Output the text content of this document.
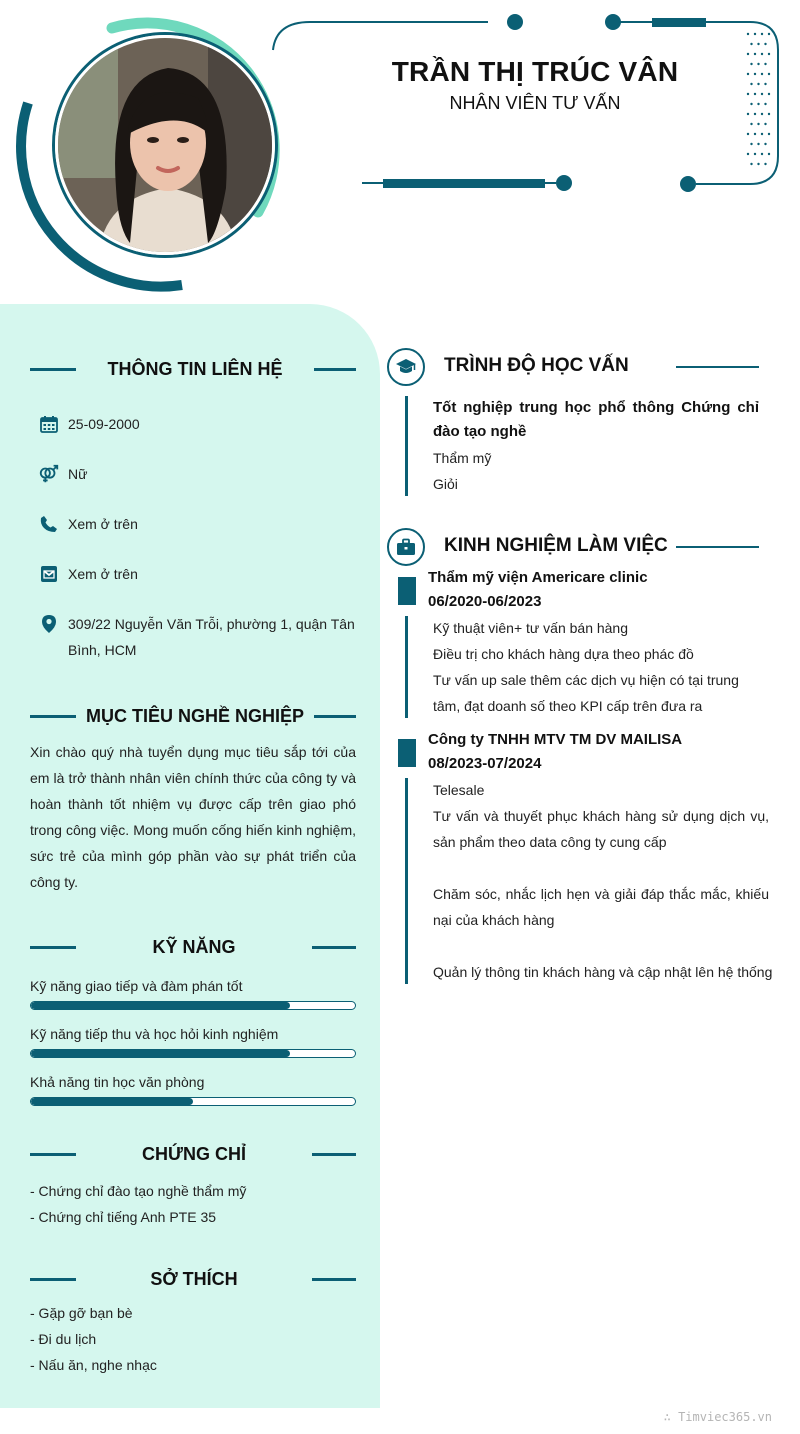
TRẦN THỊ TRÚC VÂN
NHÂN VIÊN TƯ VẤN
THÔNG TIN LIÊN HỆ
25-09-2000
Nữ
Xem ở trên
Xem ở trên
309/22 Nguyễn Văn Trỗi, phường 1, quận Tân Bình, HCM
MỤC TIÊU NGHỀ NGHIỆP
Xin chào quý nhà tuyển dụng mục tiêu sắp tới của em là trở thành nhân viên chính thức của công ty và hoàn thành tốt nhiệm vụ được cấp trên giao phó trong công việc. Mong muốn cống hiến kinh nghiệm, sức trẻ của mình góp phần vào sự phát triển của công ty.
KỸ NĂNG
Kỹ năng giao tiếp và đàm phán tốt
Kỹ năng tiếp thu và học hỏi kinh nghiệm
Khả năng tin học văn phòng
CHỨNG CHỈ
- Chứng chỉ đào tạo nghề thẩm mỹ
- Chứng chỉ tiếng Anh PTE 35
SỞ THÍCH
- Gặp gỡ bạn bè
- Đi du lịch
- Nấu ăn, nghe nhạc
TRÌNH ĐỘ HỌC VẤN
Tốt nghiệp trung học phổ thông Chứng chỉ đào tạo nghề
Thẩm mỹ
Giỏi
KINH NGHIỆM LÀM VIỆC
Thẩm mỹ viện Americare clinic
06/2020-06/2023
Kỹ thuật viên+ tư vấn bán hàng
Điều trị cho khách hàng dựa theo phác đồ
Tư vấn up sale thêm các dịch vụ hiện có tại trung tâm, đạt doanh số theo KPI cấp trên đưa ra
Công ty TNHH MTV TM DV MAILISA
08/2023-07/2024
Telesale
Tư vấn và thuyết phục khách hàng sử dụng dịch vụ, sản phẩm theo data công ty cung cấp
Chăm sóc, nhắc lịch hẹn và giải đáp thắc mắc, khiếu nại của khách hàng
Quản lý thông tin khách hàng và cập nhật lên hệ thống
∴ Timviec365.vn
